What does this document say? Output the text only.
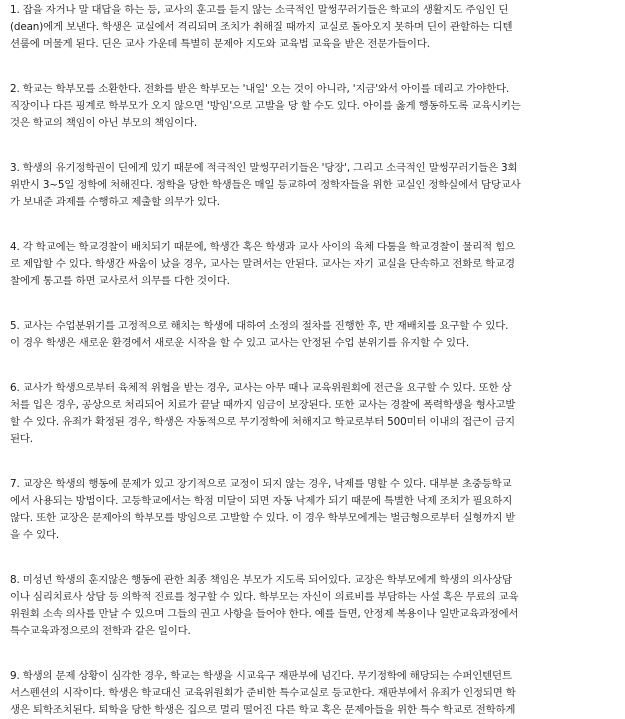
1. 잡을 자거나 말 대답을 하는 등, 교사의 훈고를 듣지 않는 소극적인 말썽꾸러기들은 학교의 생활지도 주임인 딘
(dean)에게 보낸다. 학생은 교실에서 격리되며 조치가 취해질 때까지 교실로 돌아오지 못하며 딘이 관할하는 디텐
션룸에 머물게 된다. 딘은 교사 가운데 특별히 문제아 지도와 교육법 교육을 받은 전문가들이다.
2. 학교는 학부모를 소환한다. 전화를 받은 학부모는 '내일' 오는 것이 아니라, '지금'와서 아이를 데리고 가야한다.
직장이나 다른 핑계로 학부모가 오지 않으면 '방임'으로 고발을 당 할 수도 있다. 아이를 옳게 행동하도록 교육시키는
것은 학교의 책임이 아닌 부모의 책임이다.
3. 학생의 유기정학권이 딘에게 있기 때문에 적극적인 말썽꾸러기들은 '당장', 그리고 소극적인 말썽꾸러기들은 3회
위반시 3~5일 정학에 처해진다. 정학을 당한 학생들은 매일 등교하여 정학자들을 위한 교실인 정학실에서 담당교사
가 보내준 과제를 수행하고 제출할 의무가 있다.
4. 각 학교에는 학교경찰이 배치되기 때문에, 학생간 혹은 학생과 교사 사이의 육체 다툼을 학교경찰이 물리적 힘으
로 제압할 수 있다. 학생간 싸움이 났을 경우, 교사는 말려서는 안된다. 교사는 자기 교실을 단속하고 전화로 학교경
찰에게 통고를 하면 교사로서 의무를 다한 것이다.
5. 교사는 수업분위기를 고정적으로 해치는 학생에 대하여 소정의 절차를 진행한 후, 반 재배치를 요구할 수 있다.
이 경우 학생은 새로운 환경에서 새로운 시작을 할 수 있고 교사는 안정된 수업 분위기를 유지할 수 있다.
6. 교사가 학생으로부터 육체적 위협을 받는 경우, 교사는 아무 때나 교육위원회에 전근을 요구할 수 있다. 또한 상
처를 입은 경우, 공상으로 처리되어 치료가 끝날 때까지 임금이 보장된다. 또한 교사는 경찰에 폭력학생을 형사고발
할 수 있다. 유죄가 확정된 경우, 학생은 자동적으로 무기정학에 처해지고 학교로부터 500미터 이내의 접근이 금지
된다.
7. 교장은 학생의 행동에 문제가 있고 장기적으로 교정이 되지 않는 경우, 낙제를 명할 수 있다. 대부분 초중등학교
에서 사용되는 방법이다. 고등학교에서는 학점 미달이 되면 자동 낙제가 되기 때문에 특별한 낙제 조치가 필요하지
않다. 또한 교장은 문제아의 학부모를 방임으로 고발할 수 있다. 이 경우 학부모에게는 벌금형으로부터 실형까지 받
을 수 있다.
8. 미성년 학생의 훈지않은 행동에 관한 최종 책임은 부모가 지도록 되어있다. 교장은 학부모에게 학생의 의사상담
이나 심리치료사 상담 등 의학적 진료를 청구할 수 있다. 학부모는 자신이 의료비를 부담하는 사설 혹은 무료의 교육
위원회 소속 의사를 만날 수 있으며 그들의 권고 사항을 들어야 한다. 예를 들면, 안정제 복용이나 일반교육과정에서
특수교육과정으로의 전학과 같은 일이다.
9. 학생의 문제 상황이 심각한 경우, 학교는 학생을 시교육구 재판부에 넘긴다. 무기정학에 해당되는 수퍼인텐던트
서스펜션의 시작이다. 학생은 학교대신 교육위원회가 준비한 특수교실로 등교한다. 재판부에서 유죄가 인정되면 학
생은 퇴학조치된다. 퇴학을 당한 학생은 집으로 멀리 떨어진 다른 학교 혹은 문제아들을 위한 특수 학교로 전학하게
